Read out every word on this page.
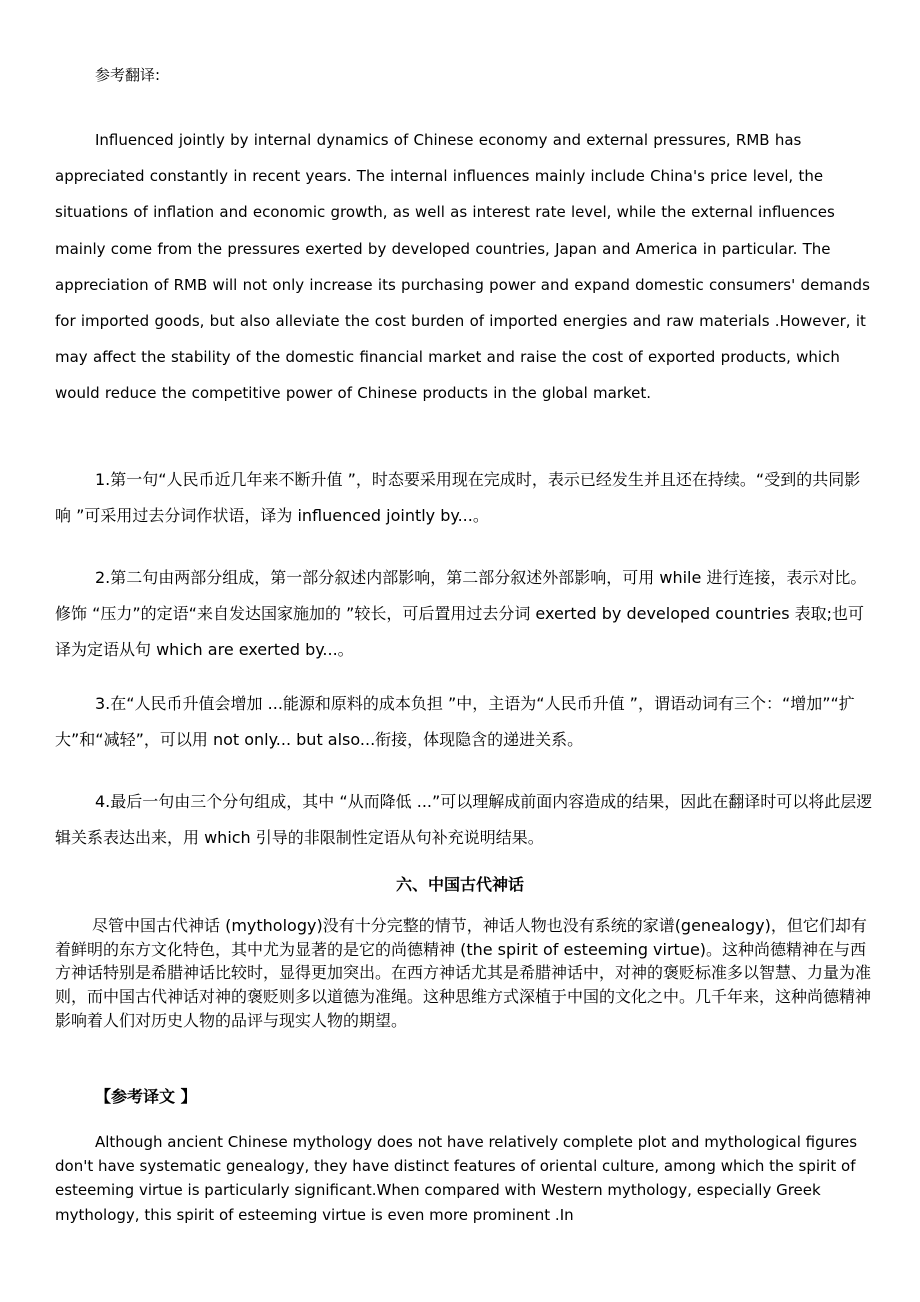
参考翻译:

Influenced jointly by internal dynamics of Chinese economy and external pressures, RMB has appreciated constantly in recent years. The internal influences mainly include China's price level, the situations of inflation and economic growth, as well as interest rate level, while the external influences mainly come from the pressures exerted by developed countries, Japan and America in particular. The appreciation of RMB will not only increase its purchasing power and expand domestic consumers' demands for imported goods, but also alleviate the cost burden of imported energies and raw materials .However, it may affect the stability of the domestic financial market and raise the cost of exported products, which would reduce the competitive power of Chinese products in the global market.

1.第一句“人民币近几年来不断升值 ”，时态要采用现在完成时，表示已经发生并且还在持续。“受到的共同影响 ”可采用过去分词作状语，译为 influenced jointly by...。

2.第二句由两部分组成，第一部分叙述内部影响，第二部分叙述外部影响，可用 while 进行连接，表示对比。修饰 “压力”的定语“来自发达国家施加的 ”较长，可后置用过去分词 exerted by developed countries 表取;也可译为定语从句 which are exerted by...。

3.在“人民币升值会增加 ...能源和原料的成本负担 ”中，主语为“人民币升值 ”，谓语动词有三个：“增加”“扩大”和“减轻”，可以用 not only... but also...衔接，体现隐含的递进关系。

4.最后一句由三个分句组成，其中 “从而降低 ...”可以理解成前面内容造成的结果，因此在翻译时可以将此层逻辑关系表达出来，用 which 引导的非限制性定语从句补充说明结果。

六、中国古代神话

尽管中国古代神话 (mythology)没有十分完整的情节，神话人物也没有系统的家谱(genealogy)，但它们却有着鲜明的东方文化特色，其中尤为显著的是它的尚德精神 (the spirit of esteeming virtue)。这种尚德精神在与西方神话特别是希腊神话比较时，显得更加突出。在西方神话尤其是希腊神话中，对神的褒贬标准多以智慧、力量为准则，而中国古代神话对神的褒贬则多以道德为准绳。这种思维方式深植于中国的文化之中。几千年来，这种尚德精神影响着人们对历史人物的品评与现实人物的期望。

【参考译文 】

Although ancient Chinese mythology does not have relatively complete plot and mythological figures don't have systematic genealogy, they have distinct features of oriental culture, among which the spirit of esteeming virtue is particularly significant.When compared with Western mythology, especially Greek mythology, this spirit of esteeming virtue is even more prominent .In
